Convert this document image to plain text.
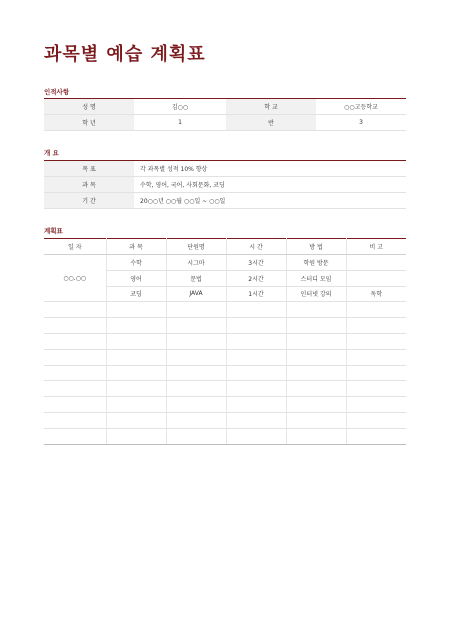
과목별 예습 계획표
인적사항
성 명	김○○	학 교	○○고등학교
학 년	1	반	3
개 요
목 표	각 과목별 성적 10% 향상
과 목	수학, 영어, 국어, 사회문화, 코딩
기 간	20○○년 ○○월 ○○일 ~ ○○일
계획표
일 자	과 목	단원명	시 간	방 법	비 고
○○.○○	수학	시그마	3시간	학원 방문	
	영어	문법	2시간	스터디 모임	
	코딩	JAVA	1시간	인터넷 강의	독학
